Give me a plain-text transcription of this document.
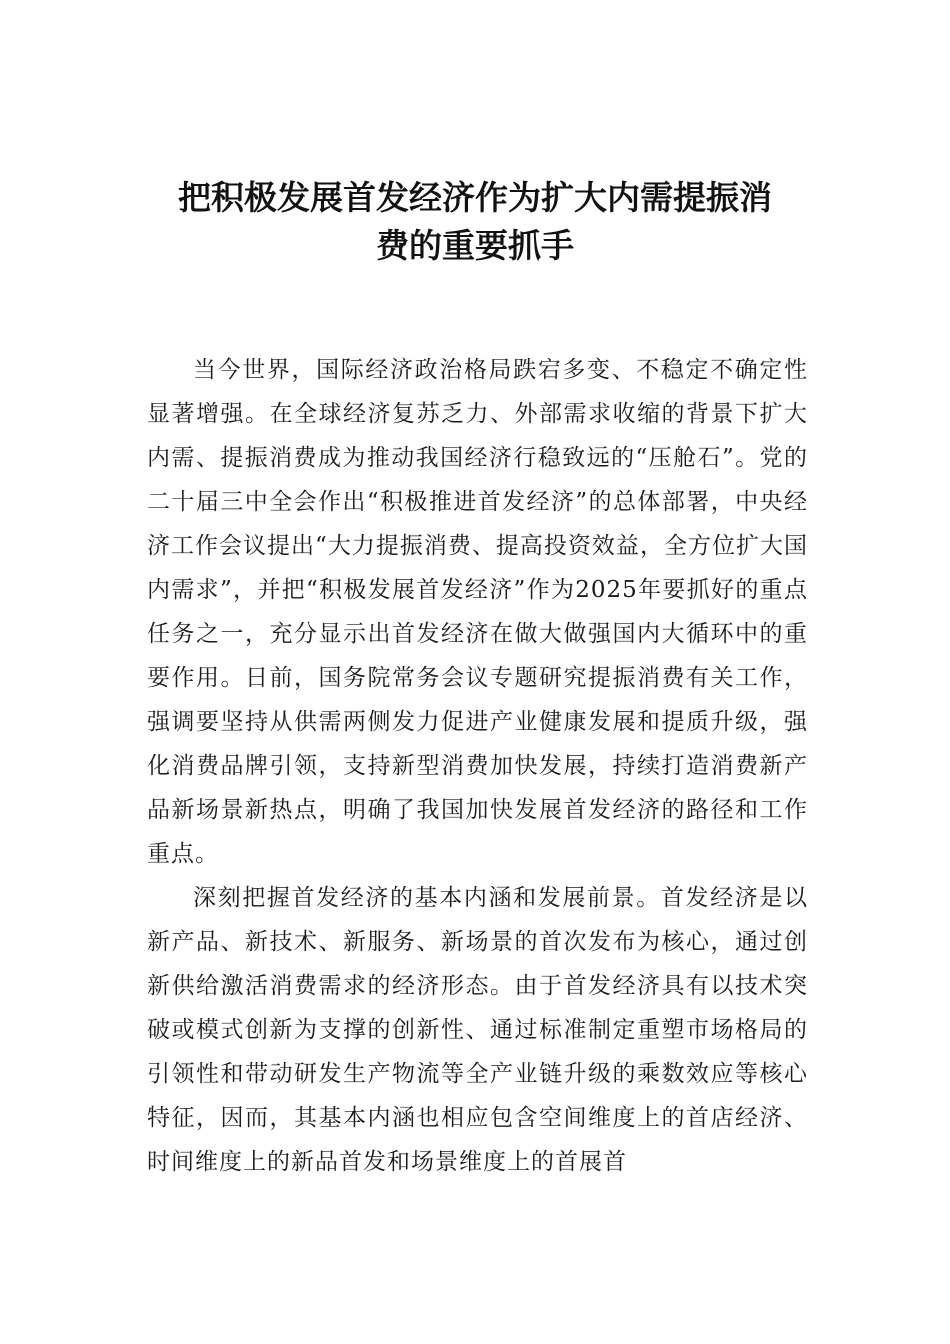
把积极发展首发经济作为扩大内需提振消
费的重要抓手

当今世界，国际经济政治格局跌宕多变、不稳定不确定性显著增强。在全球经济复苏乏力、外部需求收缩的背景下扩大内需、提振消费成为推动我国经济行稳致远的“压舱石”。党的二十届三中全会作出“积极推进首发经济”的总体部署，中央经济工作会议提出“大力提振消费、提高投资效益，全方位扩大国内需求”，并把“积极发展首发经济”作为2025年要抓好的重点任务之一，充分显示出首发经济在做大做强国内大循环中的重要作用。日前，国务院常务会议专题研究提振消费有关工作，强调要坚持从供需两侧发力促进产业健康发展和提质升级，强化消费品牌引领，支持新型消费加快发展，持续打造消费新产品新场景新热点，明确了我国加快发展首发经济的路径和工作重点。

深刻把握首发经济的基本内涵和发展前景。首发经济是以新产品、新技术、新服务、新场景的首次发布为核心，通过创新供给激活消费需求的经济形态。由于首发经济具有以技术突破或模式创新为支撑的创新性、通过标准制定重塑市场格局的引领性和带动研发生产物流等全产业链升级的乘数效应等核心特征，因而，其基本内涵也相应包含空间维度上的首店经济、时间维度上的新品首发和场景维度上的首展首
